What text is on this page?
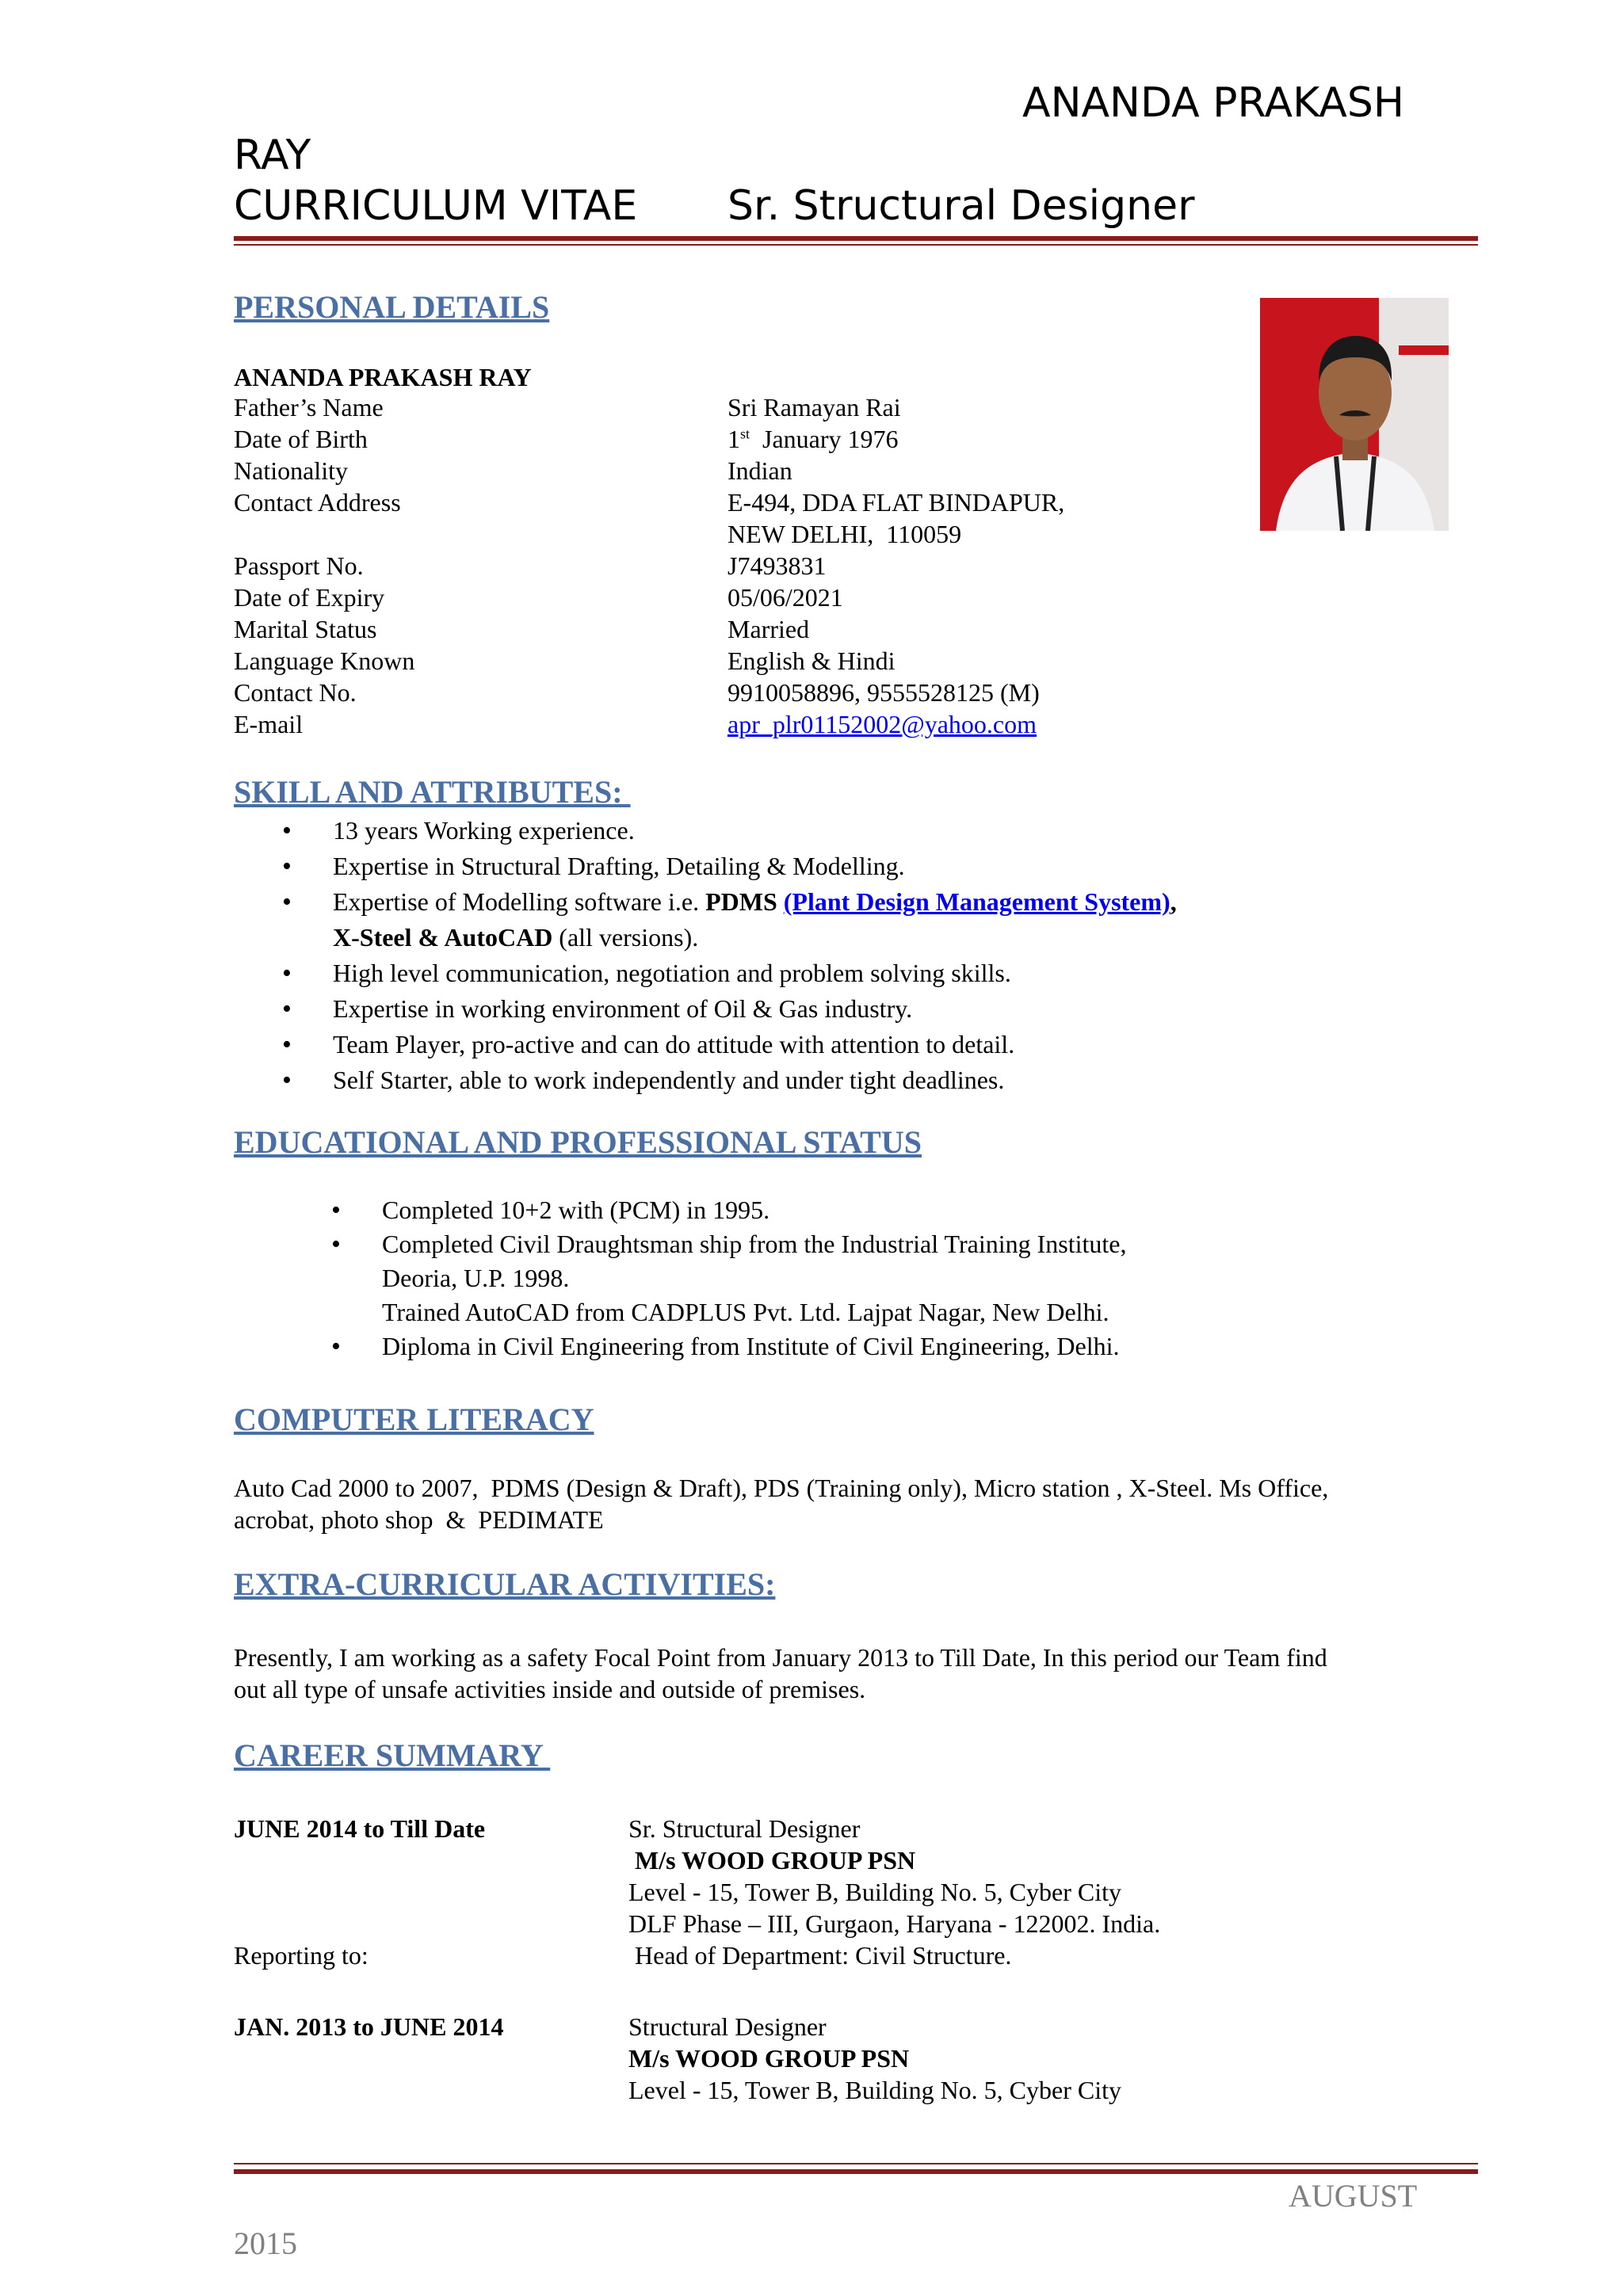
ANANDA PRAKASH
RAY
CURRICULUM VITAE Sr. Structural Designer
PERSONAL DETAILS
ANANDA PRAKASH RAY
Father’s Name	Sri Ramayan Rai
Date of Birth	1st  January 1976
Nationality	Indian
Contact Address	E-494, DDA FLAT BINDAPUR,
NEW DELHI,  110059
Passport No.	J7493831
Date of Expiry	05/06/2021
Marital Status	Married
Language Known	English & Hindi
Contact No.	9910058896, 9555528125 (M)
E-mail	apr_plr01152002@yahoo.com
SKILL AND ATTRIBUTES:
• 13 years Working experience.
• Expertise in Structural Drafting, Detailing & Modelling.
• Expertise of Modelling software i.e. PDMS (Plant Design Management System),
X-Steel & AutoCAD (all versions).
• High level communication, negotiation and problem solving skills.
• Expertise in working environment of Oil & Gas industry.
• Team Player, pro-active and can do attitude with attention to detail.
• Self Starter, able to work independently and under tight deadlines.
EDUCATIONAL AND PROFESSIONAL STATUS
• Completed 10+2 with (PCM) in 1995.
• Completed Civil Draughtsman ship from the Industrial Training Institute,
Deoria, U.P. 1998.
Trained AutoCAD from CADPLUS Pvt. Ltd. Lajpat Nagar, New Delhi.
• Diploma in Civil Engineering from Institute of Civil Engineering, Delhi.
COMPUTER LITERACY
Auto Cad 2000 to 2007,  PDMS (Design & Draft), PDS (Training only), Micro station , X-Steel. Ms Office,
acrobat, photo shop  &  PEDIMATE
EXTRA-CURRICULAR ACTIVITIES:
Presently, I am working as a safety Focal Point from January 2013 to Till Date, In this period our Team find
out all type of unsafe activities inside and outside of premises.
CAREER SUMMARY
JUNE 2014 to Till Date	Sr. Structural Designer
M/s WOOD GROUP PSN
Level - 15, Tower B, Building No. 5, Cyber City
DLF Phase – III, Gurgaon, Haryana - 122002. India.
Reporting to:	Head of Department: Civil Structure.
JAN. 2013 to JUNE 2014	Structural Designer
M/s WOOD GROUP PSN
Level - 15, Tower B, Building No. 5, Cyber City
AUGUST
2015
